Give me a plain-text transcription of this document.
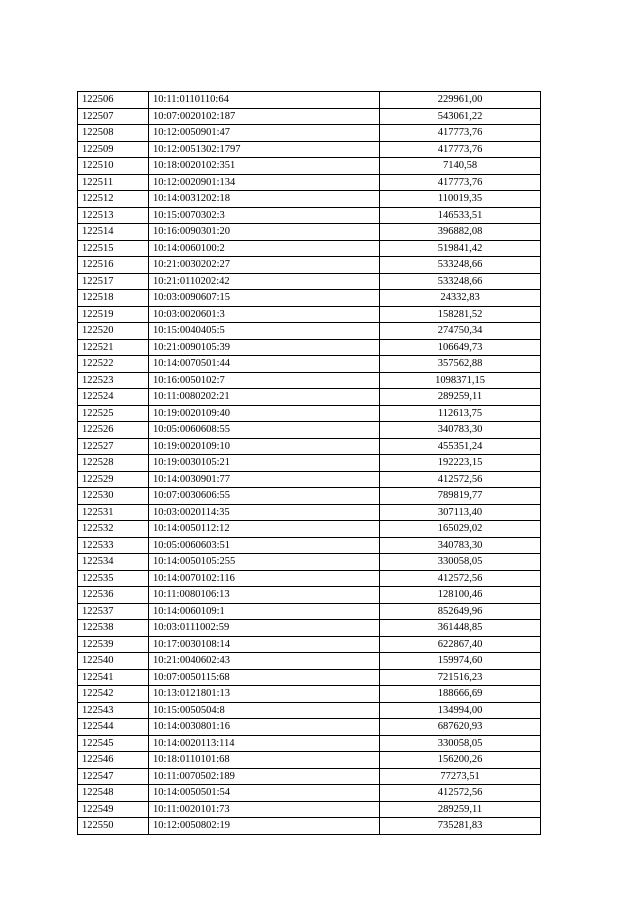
122506	10:11:0110110:64	229961,00
122507	10:07:0020102:187	543061,22
122508	10:12:0050901:47	417773,76
122509	10:12:0051302:1797	417773,76
122510	10:18:0020102:351	7140,58
122511	10:12:0020901:134	417773,76
122512	10:14:0031202:18	110019,35
122513	10:15:0070302:3	146533,51
122514	10:16:0090301:20	396882,08
122515	10:14:0060100:2	519841,42
122516	10:21:0030202:27	533248,66
122517	10:21:0110202:42	533248,66
122518	10:03:0090607:15	24332,83
122519	10:03:0020601:3	158281,52
122520	10:15:0040405:5	274750,34
122521	10:21:0090105:39	106649,73
122522	10:14:0070501:44	357562,88
122523	10:16:0050102:7	1098371,15
122524	10:11:0080202:21	289259,11
122525	10:19:0020109:40	112613,75
122526	10:05:0060608:55	340783,30
122527	10:19:0020109:10	455351,24
122528	10:19:0030105:21	192223,15
122529	10:14:0030901:77	412572,56
122530	10:07:0030606:55	789819,77
122531	10:03:0020114:35	307113,40
122532	10:14:0050112:12	165029,02
122533	10:05:0060603:51	340783,30
122534	10:14:0050105:255	330058,05
122535	10:14:0070102:116	412572,56
122536	10:11:0080106:13	128100,46
122537	10:14:0060109:1	852649,96
122538	10:03:0111002:59	361448,85
122539	10:17:0030108:14	622867,40
122540	10:21:0040602:43	159974,60
122541	10:07:0050115:68	721516,23
122542	10:13:0121801:13	188666,69
122543	10:15:0050504:8	134994,00
122544	10:14:0030801:16	687620,93
122545	10:14:0020113:114	330058,05
122546	10:18:0110101:68	156200,26
122547	10:11:0070502:189	77273,51
122548	10:14:0050501:54	412572,56
122549	10:11:0020101:73	289259,11
122550	10:12:0050802:19	735281,83
